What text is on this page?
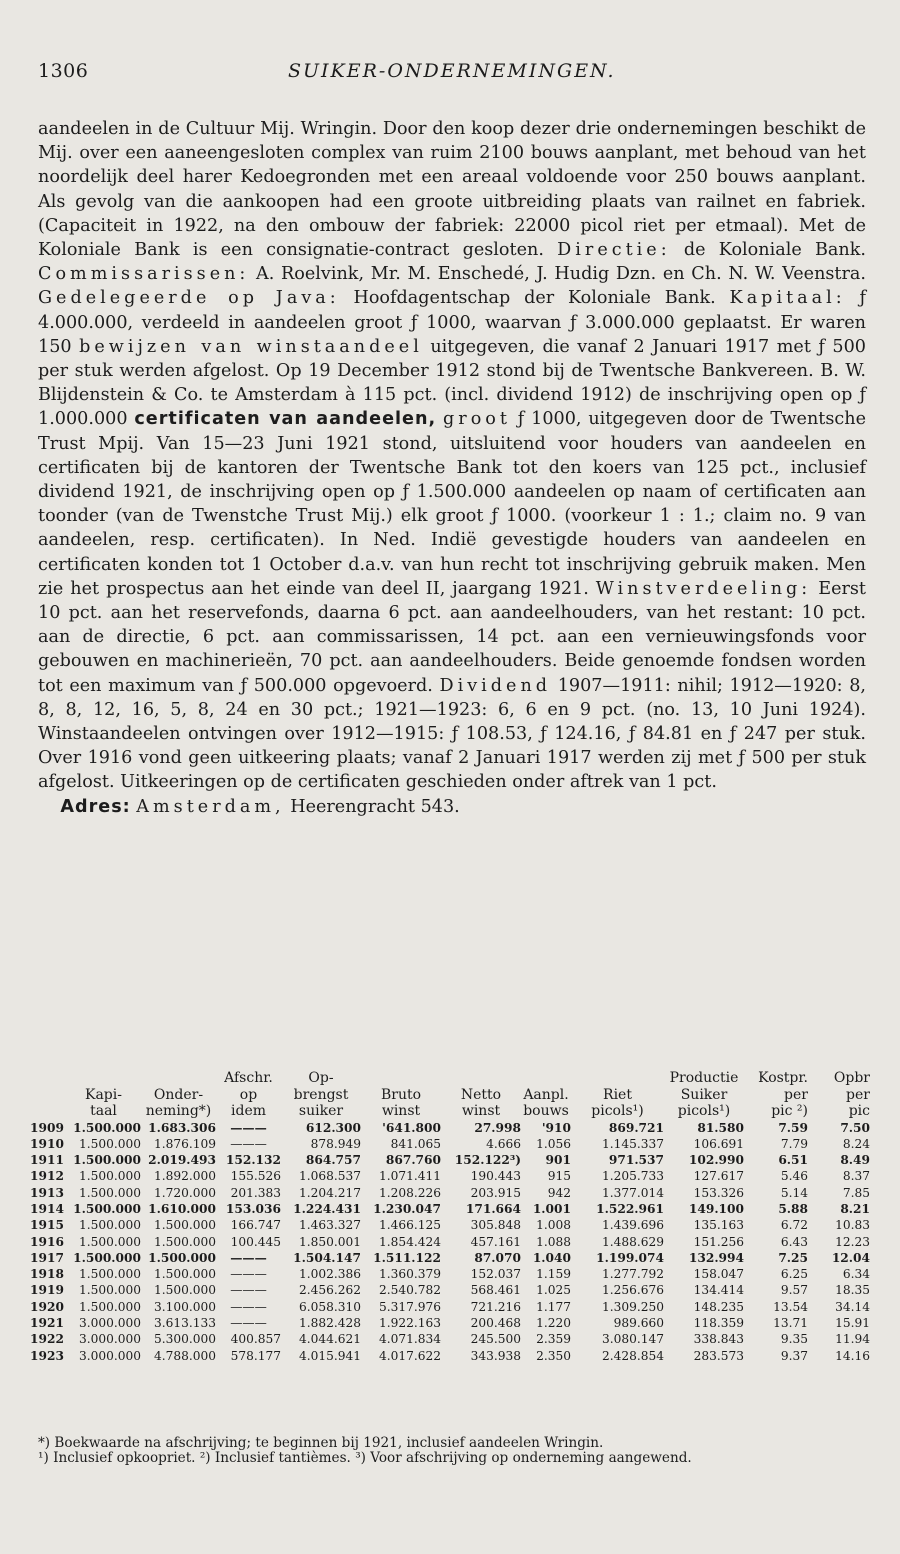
1306	SUIKER-ONDERNEMINGEN.

aandeelen in de Cultuur Mij. Wringin. Door den koop dezer drie ondernemingen beschikt de Mij. over een aaneengesloten complex van ruim 2100 bouws aanplant, met behoud van het noordelijk deel harer Kedoegronden met een areaal voldoende voor 250 bouws aanplant. Als gevolg van die aankoopen had een groote uitbreiding plaats van railnet en fabriek. (Capaciteit in 1922, na den ombouw der fabriek: 22000 picol riet per etmaal). Met de Koloniale Bank is een consignatie-contract gesloten. Directie: de Koloniale Bank. Commissarissen: A. Roelvink, Mr. M. Enschedé, J. Hudig Dzn. en Ch. N. W. Veenstra. Gedelegeerde op Java: Hoofdagentschap der Koloniale Bank. Kapitaal: ƒ 4.000.000, verdeeld in aandeelen groot ƒ 1000, waarvan ƒ 3.000.000 geplaatst. Er waren 150 bewijzen van winstaandeel uitgegeven, die vanaf 2 Januari 1917 met ƒ 500 per stuk werden afgelost. Op 19 December 1912 stond bij de Twentsche Bankvereen. B. W. Blijdenstein & Co. te Amsterdam à 115 pct. (incl. dividend 1912) de inschrijving open op ƒ 1.000.000 certificaten van aandeelen, groot ƒ 1000, uitgegeven door de Twentsche Trust Mpij. Van 15—23 Juni 1921 stond, uitsluitend voor houders van aandeelen en certificaten bij de kantoren der Twentsche Bank tot den koers van 125 pct., inclusief dividend 1921, de inschrijving open op ƒ 1.500.000 aandeelen op naam of certificaten aan toonder (van de Twenstche Trust Mij.) elk groot ƒ 1000. (voorkeur 1 : 1.; claim no. 9 van aandeelen, resp. certificaten). In Ned. Indië gevestigde houders van aandeelen en certificaten konden tot 1 October d.a.v. van hun recht tot inschrijving gebruik maken. Men zie het prospectus aan het einde van deel II, jaargang 1921. Winstverdeeling: Eerst 10 pct. aan het reservefonds, daarna 6 pct. aan aandeelhouders, van het restant: 10 pct. aan de directie, 6 pct. aan commissarissen, 14 pct. aan een vernieuwingsfonds voor gebouwen en machinerieën, 70 pct. aan aandeelhouders. Beide genoemde fondsen worden tot een maximum van ƒ 500.000 opgevoerd. Dividend 1907—1911: nihil; 1912—1920: 8, 8, 8, 12, 16, 5, 8, 24 en 30 pct.; 1921—1923: 6, 6 en 9 pct. (no. 13, 10 Juni 1924). Winstaandeelen ontvingen over 1912—1915: ƒ 108.53, ƒ 124.16, ƒ 84.81 en ƒ 247 per stuk. Over 1916 vond geen uitkeering plaats; vanaf 2 Januari 1917 werden zij met ƒ 500 per stuk afgelost. Uitkeeringen op de certificaten geschieden onder aftrek van 1 pct.

Adres: Amsterdam, Heerengracht 543.

			Afschr.	Op-					Productie	Kostpr.	Opbr
	Kapi-	Onder-	op	brengst	Bruto	Netto	Aanpl.	Riet	Suiker	per	per
	taal	neming*)	idem	suiker	winst	winst	bouws	picols¹)	picols¹)	pic ²)	pic
1909	1.500.000	1.683.306	———	612.300	'641.800	27.998	'910	869.721	81.580	7.59	7.50
1910	1.500.000	1.876.109	———	878.949	841.065	4.666	1.056	1.145.337	106.691	7.79	8.24
1911	1.500.000	2.019.493	152.132	864.757	867.760	152.122³)	901	971.537	102.990	6.51	8.49
1912	1.500.000	1.892.000	155.526	1.068.537	1.071.411	190.443	915	1.205.733	127.617	5.46	8.37
1913	1.500.000	1.720.000	201.383	1.204.217	1.208.226	203.915	942	1.377.014	153.326	5.14	7.85
1914	1.500.000	1.610.000	153.036	1.224.431	1.230.047	171.664	1.001	1.522.961	149.100	5.88	8.21
1915	1.500.000	1.500.000	166.747	1.463.327	1.466.125	305.848	1.008	1.439.696	135.163	6.72	10.83
1916	1.500.000	1.500.000	100.445	1.850.001	1.854.424	457.161	1.088	1.488.629	151.256	6.43	12.23
1917	1.500.000	1.500.000	———	1.504.147	1.511.122	87.070	1.040	1.199.074	132.994	7.25	12.04
1918	1.500.000	1.500.000	———	1.002.386	1.360.379	152.037	1.159	1.277.792	158.047	6.25	6.34
1919	1.500.000	1.500.000	———	2.456.262	2.540.782	568.461	1.025	1.256.676	134.414	9.57	18.35
1920	1.500.000	3.100.000	———	6.058.310	5.317.976	721.216	1.177	1.309.250	148.235	13.54	34.14
1921	3.000.000	3.613.133	———	1.882.428	1.922.163	200.468	1.220	989.660	118.359	13.71	15.91
1922	3.000.000	5.300.000	400.857	4.044.621	4.071.834	245.500	2.359	3.080.147	338.843	9.35	11.94
1923	3.000.000	4.788.000	578.177	4.015.941	4.017.622	343.938	2.350	2.428.854	283.573	9.37	14.16

*) Boekwaarde na afschrijving; te beginnen bij 1921, inclusief aandeelen Wringin.

¹) Inclusief opkoopriet. ²) Inclusief tantièmes. ³) Voor afschrijving op onderneming aangewend.
